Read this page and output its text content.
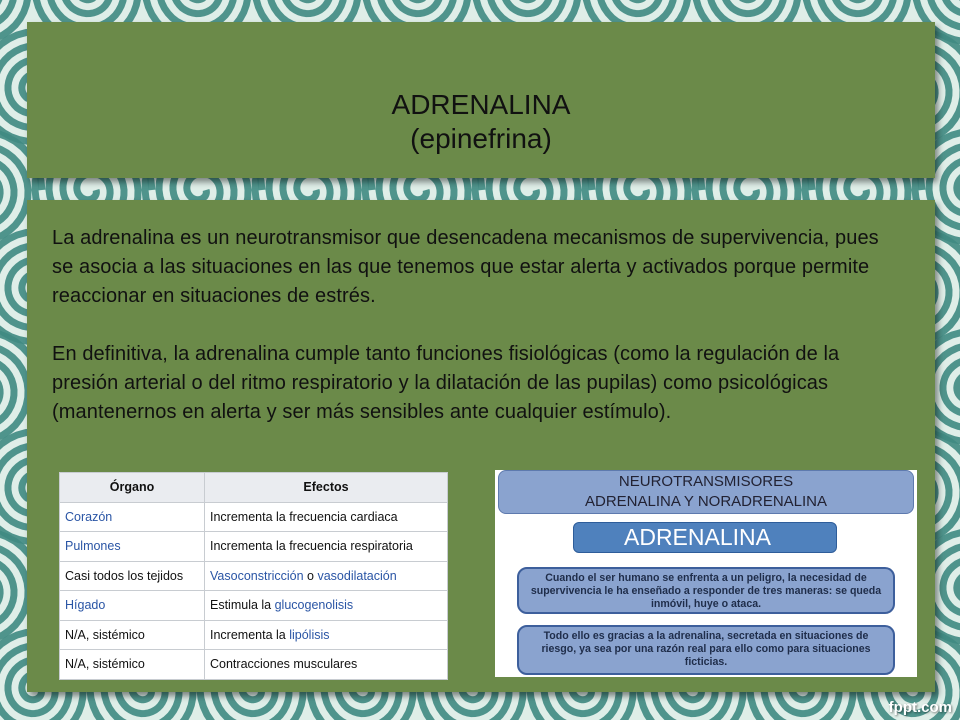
ADRENALINA
(epinefrina)

La adrenalina es un neurotransmisor que desencadena mecanismos de supervivencia, pues se asocia a las situaciones en las que tenemos que estar alerta y activados porque permite reaccionar en situaciones de estrés.

En definitiva, la adrenalina cumple tanto funciones fisiológicas (como la regulación de la presión arterial o del ritmo respiratorio y la dilatación de las pupilas) como psicológicas (mantenernos en alerta y ser más sensibles ante cualquier estímulo).

Órgano	Efectos
Corazón	Incrementa la frecuencia cardiaca
Pulmones	Incrementa la frecuencia respiratoria
Casi todos los tejidos	Vasoconstricción o vasodilatación
Hígado	Estimula la glucogenolisis
N/A, sistémico	Incrementa la lipólisis
N/A, sistémico	Contracciones musculares
NEUROTRANSMISORES
ADRENALINA Y NORADRENALINA
ADRENALINA
Cuando el ser humano se enfrenta a un peligro, la necesidad de supervivencia le ha enseñado a responder de tres maneras: se queda inmóvil, huye o ataca.
Todo ello es gracias a la adrenalina, secretada en situaciones de riesgo, ya sea por una razón real para ello como para situaciones ficticias.
fppt.com
